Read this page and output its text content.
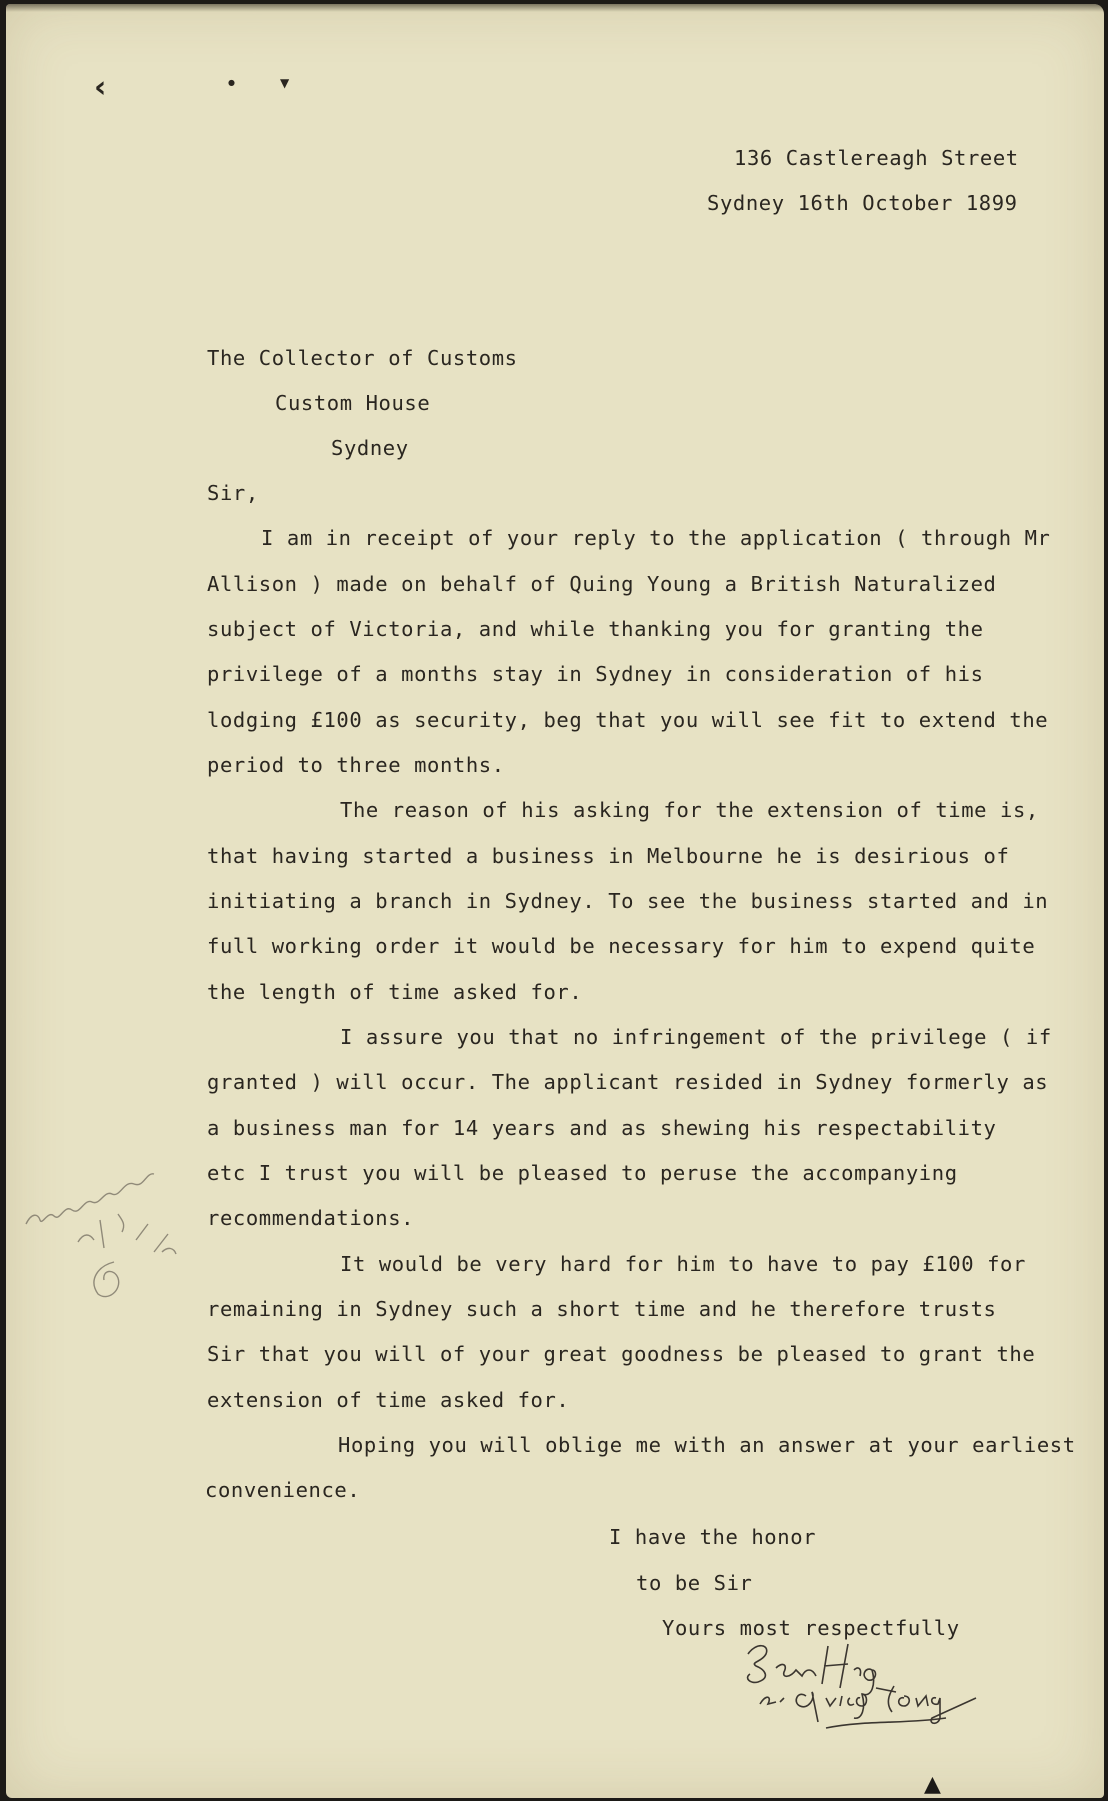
‹	●	▼
136 Castlereagh Street
Sydney 16th October 1899
The Collector of Customs
Custom House
Sydney
Sir,
I am in receipt of your reply to the application ( through Mr
Allison ) made on behalf of Quing Young a British Naturalized
subject of Victoria, and while thanking you for granting the
privilege of a months stay in Sydney in consideration of his
lodging £100 as security, beg that you will see fit to extend the
period to three months.
The reason of his asking for the extension of time is,
that having started a business in Melbourne he is desirious of
initiating a branch in Sydney. To see the business started and in
full working order it would be necessary for him to expend quite
the length of time asked for.
I assure you that no infringement of the privilege ( if
granted ) will occur. The applicant resided in Sydney formerly as
a business man for 14 years and as shewing his respectability
etc I trust you will be pleased to peruse the accompanying
recommendations.
It would be very hard for him to have to pay £100 for
remaining in Sydney such a short time and he therefore trusts
Sir that you will of your great goodness be pleased to grant the
extension of time asked for.
Hoping you will oblige me with an answer at your earliest
convenience.
I have the honor
to be Sir
Yours most respectfully
▲
